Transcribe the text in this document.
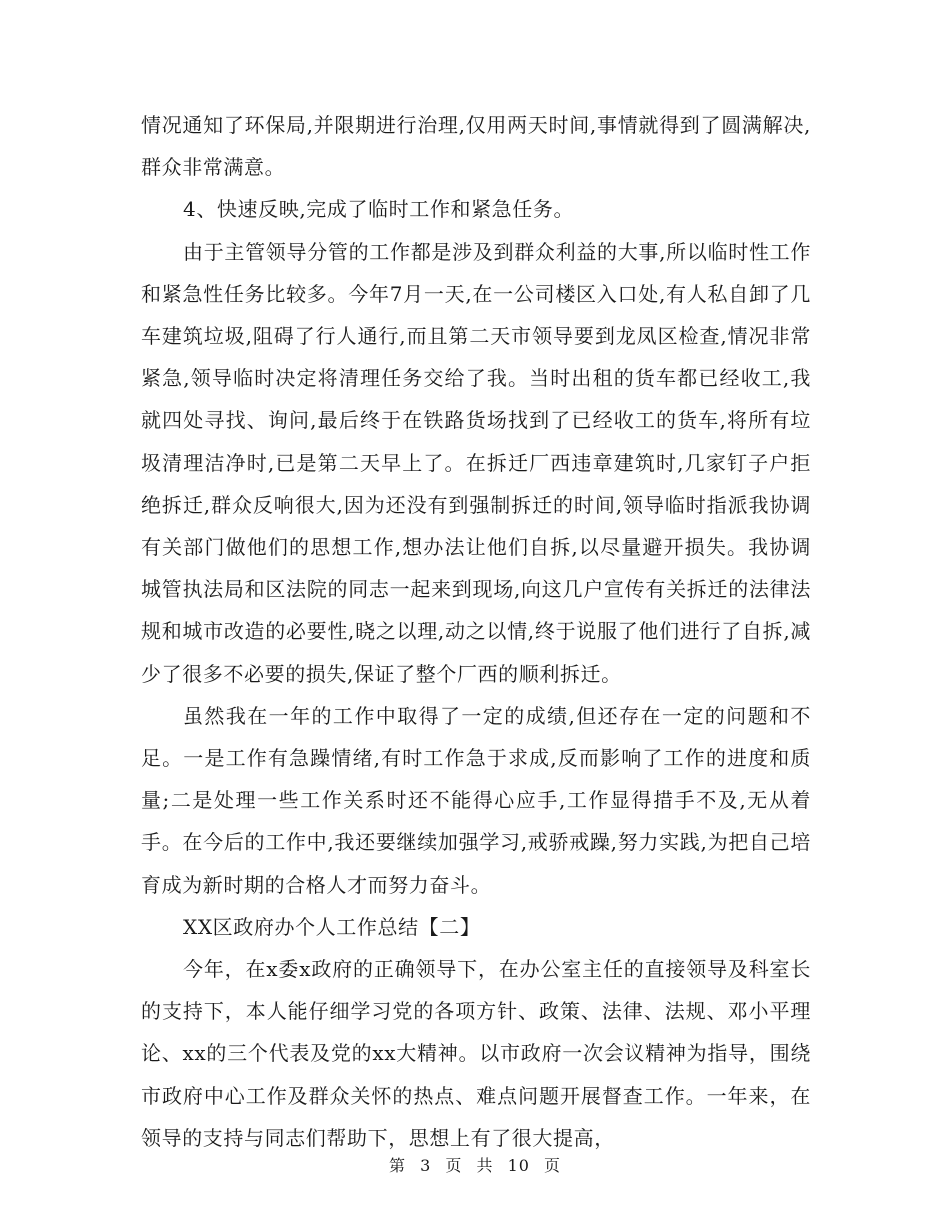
情况通知了环保局,并限期进行治理,仅用两天时间,事情就得到了圆满解决,群众非常满意。

4、快速反映,完成了临时工作和紧急任务。

由于主管领导分管的工作都是涉及到群众利益的大事,所以临时性工作和紧急性任务比较多。今年7月一天,在一公司楼区入口处,有人私自卸了几车建筑垃圾,阻碍了行人通行,而且第二天市领导要到龙凤区检查,情况非常紧急,领导临时决定将清理任务交给了我。当时出租的货车都已经收工,我就四处寻找、询问,最后终于在铁路货场找到了已经收工的货车,将所有垃圾清理洁净时,已是第二天早上了。在拆迁厂西违章建筑时,几家钉子户拒绝拆迁,群众反响很大,因为还没有到强制拆迁的时间,领导临时指派我协调有关部门做他们的思想工作,想办法让他们自拆,以尽量避开损失。我协调城管执法局和区法院的同志一起来到现场,向这几户宣传有关拆迁的法律法规和城市改造的必要性,晓之以理,动之以情,终于说服了他们进行了自拆,减少了很多不必要的损失,保证了整个厂西的顺利拆迁。

虽然我在一年的工作中取得了一定的成绩,但还存在一定的问题和不足。一是工作有急躁情绪,有时工作急于求成,反而影响了工作的进度和质量;二是处理一些工作关系时还不能得心应手,工作显得措手不及,无从着手。在今后的工作中,我还要继续加强学习,戒骄戒躁,努力实践,为把自己培育成为新时期的合格人才而努力奋斗。

XX区政府办个人工作总结【二】

今年，在x委x政府的正确领导下，在办公室主任的直接领导及科室长的支持下，本人能仔细学习党的各项方针、政策、法律、法规、邓小平理论、xx的三个代表及党的xx大精神。以市政府一次会议精神为指导，围绕市政府中心工作及群众关怀的热点、难点问题开展督查工作。一年来，在领导的支持与同志们帮助下，思想上有了很大提高，

第 3 页 共 10 页
